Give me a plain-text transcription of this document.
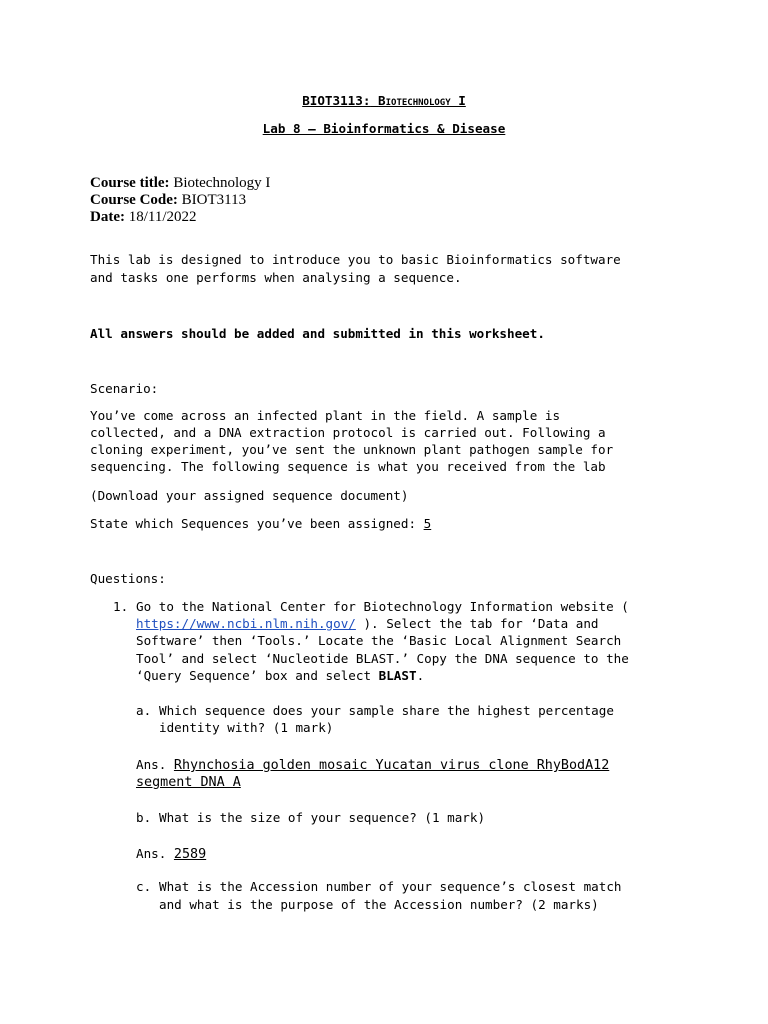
BIOT3113: Biotechnology I
Lab 8 – Bioinformatics & Disease
Course title: Biotechnology I
Course Code: BIOT3113
Date: 18/11/2022
This lab is designed to introduce you to basic Bioinformatics software
and tasks one performs when analysing a sequence.
All answers should be added and submitted in this worksheet.
Scenario:
You’ve come across an infected plant in the field. A sample is
collected, and a DNA extraction protocol is carried out. Following a
cloning experiment, you’ve sent the unknown plant pathogen sample for
sequencing. The following sequence is what you received from the lab
(Download your assigned sequence document)
State which Sequences you’ve been assigned: 5
Questions:
1. Go to the National Center for Biotechnology Information website (
https://www.ncbi.nlm.nih.gov/ ). Select the tab for ‘Data and
Software’ then ‘Tools.’ Locate the ‘Basic Local Alignment Search
Tool’ and select ‘Nucleotide BLAST.’ Copy the DNA sequence to the
‘Query Sequence’ box and select BLAST.
a. Which sequence does your sample share the highest percentage
identity with? (1 mark)
Ans. Rhynchosia golden mosaic Yucatan virus clone RhyBodA12
segment DNA A
b. What is the size of your sequence? (1 mark)
Ans. 2589
c. What is the Accession number of your sequence’s closest match
and what is the purpose of the Accession number? (2 marks)
